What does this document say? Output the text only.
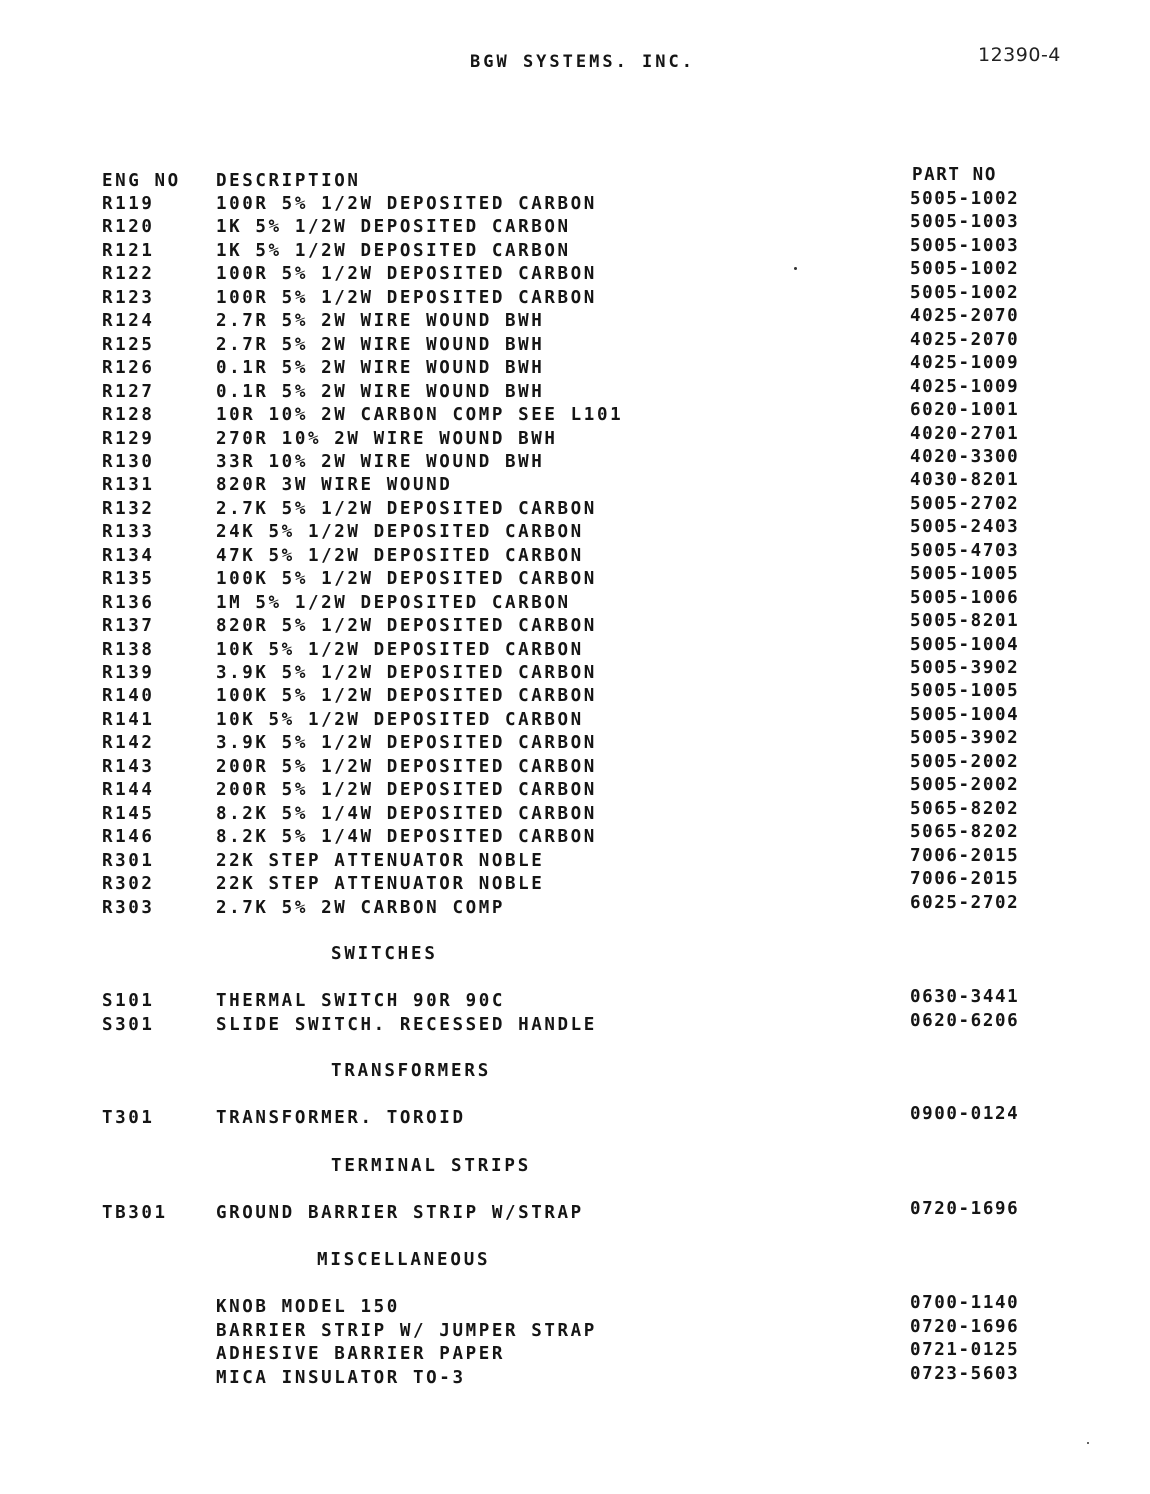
BGW SYSTEMS. INC.	12390-4
ENG NO DESCRIPTION	PART NO
R119	100R 5% 1/2W DEPOSITED CARBON	5005-1002
R120	1K 5% 1/2W DEPOSITED CARBON	5005-1003
R121	1K 5% 1/2W DEPOSITED CARBON	5005-1003
R122	100R 5% 1/2W DEPOSITED CARBON	5005-1002
R123	100R 5% 1/2W DEPOSITED CARBON	5005-1002
R124	2.7R 5% 2W WIRE WOUND BWH	4025-2070
R125	2.7R 5% 2W WIRE WOUND BWH	4025-2070
R126	0.1R 5% 2W WIRE WOUND BWH	4025-1009
R127	0.1R 5% 2W WIRE WOUND BWH	4025-1009
R128	10R 10% 2W CARBON COMP SEE L101	6020-1001
R129	270R 10% 2W WIRE WOUND BWH	4020-2701
R130	33R 10% 2W WIRE WOUND BWH	4020-3300
R131	820R 3W WIRE WOUND	4030-8201
R132	2.7K 5% 1/2W DEPOSITED CARBON	5005-2702
R133	24K 5% 1/2W DEPOSITED CARBON	5005-2403
R134	47K 5% 1/2W DEPOSITED CARBON	5005-4703
R135	100K 5% 1/2W DEPOSITED CARBON	5005-1005
R136	1M 5% 1/2W DEPOSITED CARBON	5005-1006
R137	820R 5% 1/2W DEPOSITED CARBON	5005-8201
R138	10K 5% 1/2W DEPOSITED CARBON	5005-1004
R139	3.9K 5% 1/2W DEPOSITED CARBON	5005-3902
R140	100K 5% 1/2W DEPOSITED CARBON	5005-1005
R141	10K 5% 1/2W DEPOSITED CARBON	5005-1004
R142	3.9K 5% 1/2W DEPOSITED CARBON	5005-3902
R143	200R 5% 1/2W DEPOSITED CARBON	5005-2002
R144	200R 5% 1/2W DEPOSITED CARBON	5005-2002
R145	8.2K 5% 1/4W DEPOSITED CARBON	5065-8202
R146	8.2K 5% 1/4W DEPOSITED CARBON	5065-8202
R301	22K STEP ATTENUATOR NOBLE	7006-2015
R302	22K STEP ATTENUATOR NOBLE	7006-2015
R303	2.7K 5% 2W CARBON COMP	6025-2702
SWITCHES
S101	THERMAL SWITCH 90R 90C	0630-3441
S301	SLIDE SWITCH. RECESSED HANDLE	0620-6206
TRANSFORMERS
T301	TRANSFORMER. TOROID	0900-0124
TERMINAL STRIPS
TB301	GROUND BARRIER STRIP W/STRAP	0720-1696
MISCELLANEOUS
KNOB MODEL 150	0700-1140
BARRIER STRIP W/ JUMPER STRAP	0720-1696
ADHESIVE BARRIER PAPER	0721-0125
MICA INSULATOR TO-3	0723-5603
